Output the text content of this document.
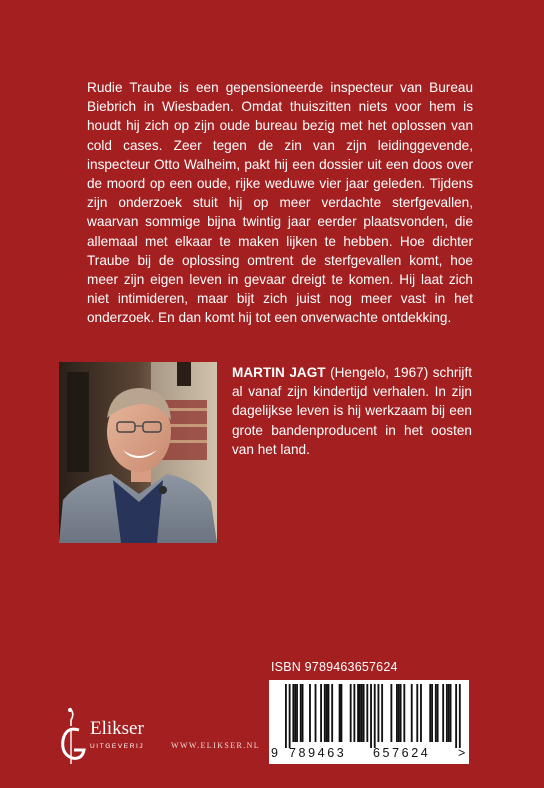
Rudie Traube is een gepensioneerde inspecteur van Bureau Biebrich in Wiesbaden. Omdat thuiszitten niets voor hem is houdt hij zich op zijn oude bureau bezig met het oplossen van cold cases. Zeer tegen de zin van zijn leidinggevende, inspecteur Otto Walheim, pakt hij een dossier uit een doos over de moord op een oude, rijke weduwe vier jaar geleden. Tijdens zijn onderzoek stuit hij op meer verdachte sterfgevallen, waarvan sommige bijna twintig jaar eerder plaatsvonden, die allemaal met elkaar te maken lijken te hebben. Hoe dichter Traube bij de oplossing omtrent de sterfgevallen komt, hoe meer zijn eigen leven in gevaar dreigt te komen. Hij laat zich niet intimideren, maar bijt zich juist nog meer vast in het onderzoek. En dan komt hij tot een onverwachte ontdekking.

MARTIN JAGT (Hengelo, 1967) schrijft al vanaf zijn kindertijd verhalen. In zijn dagelijkse leven is hij werkzaam bij een grote bandenproducent in het oosten van het land.

ISBN 9789463657624
9 789463 657624 >
Elikser
UITGEVERIJ	WWW.ELIKSER.NL
